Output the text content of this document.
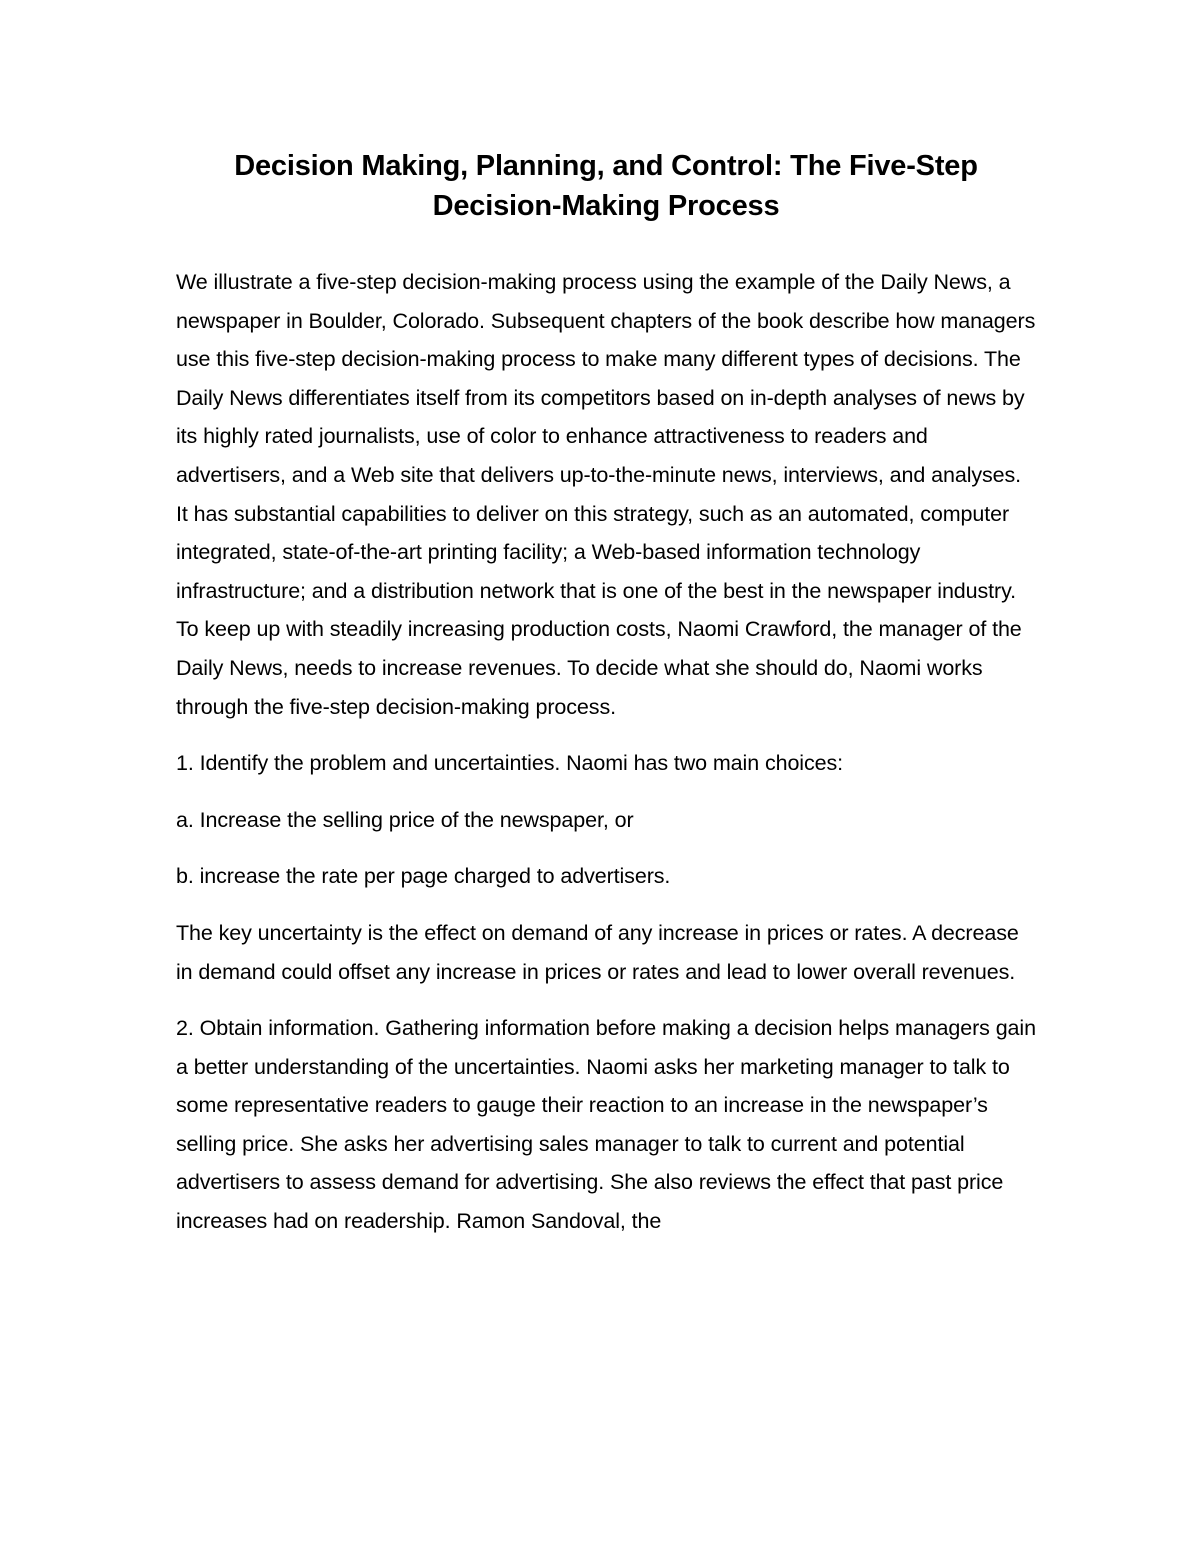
Decision Making, Planning, and Control: The Five-Step
Decision-Making Process

We illustrate a five-step decision-making process using the example of the Daily News, a newspaper in Boulder, Colorado. Subsequent chapters of the book describe how managers use this five-step decision-making process to make many different types of decisions. The Daily News differentiates itself from its competitors based on in-depth analyses of news by its highly rated journalists, use of color to enhance attractiveness to readers and advertisers, and a Web site that delivers up-to-the-minute news, interviews, and analyses. It has substantial capabilities to deliver on this strategy, such as an automated, computer integrated, state-of-the-art printing facility; a Web-based information technology infrastructure; and a distribution network that is one of the best in the newspaper industry. To keep up with steadily increasing production costs, Naomi Crawford, the manager of the Daily News, needs to increase revenues. To decide what she should do, Naomi works through the five-step decision-making process.

1. Identify the problem and uncertainties. Naomi has two main choices:

a. Increase the selling price of the newspaper, or

b. increase the rate per page charged to advertisers.

The key uncertainty is the effect on demand of any increase in prices or rates. A decrease in demand could offset any increase in prices or rates and lead to lower overall revenues.

2. Obtain information. Gathering information before making a decision helps managers gain a better understanding of the uncertainties. Naomi asks her marketing manager to talk to some representative readers to gauge their reaction to an increase in the newspaper’s selling price. She asks her advertising sales manager to talk to current and potential advertisers to assess demand for advertising. She also reviews the effect that past price increases had on readership. Ramon Sandoval, the
